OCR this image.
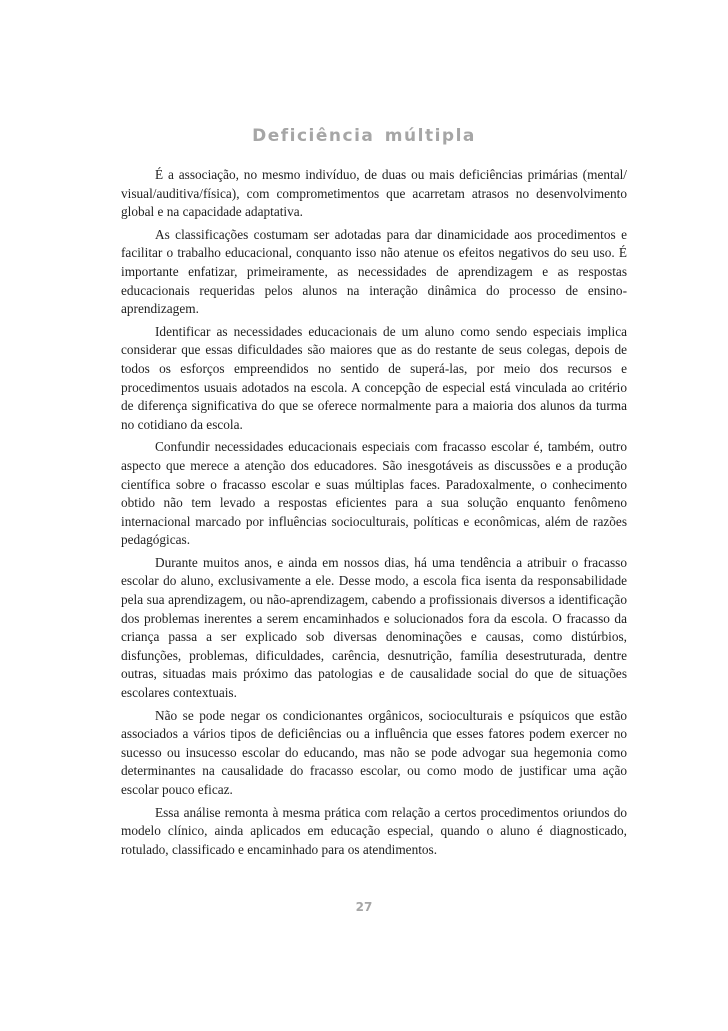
Deficiência múltipla

É a associação, no mesmo indivíduo, de duas ou mais deficiências primárias (mental/ visual/auditiva/física), com comprometimentos que acarretam atrasos no desenvolvimento global e na capacidade adaptativa.

As classificações costumam ser adotadas para dar dinamicidade aos procedimentos e facilitar o trabalho educacional, conquanto isso não atenue os efeitos negativos do seu uso. É importante enfatizar, primeiramente, as necessidades de aprendizagem e as respostas educacionais requeridas pelos alunos na interação dinâmica do processo de ensino-aprendizagem.

Identificar as necessidades educacionais de um aluno como sendo especiais implica considerar que essas dificuldades são maiores que as do restante de seus colegas, depois de todos os esforços empreendidos no sentido de superá-las, por meio dos recursos e procedimentos usuais adotados na escola. A concepção de especial está vinculada ao critério de diferença significativa do que se oferece normalmente para a maioria dos alunos da turma no cotidiano da escola.

Confundir necessidades educacionais especiais com fracasso escolar é, também, outro aspecto que merece a atenção dos educadores. São inesgotáveis as discussões e a produção científica sobre o fracasso escolar e suas múltiplas faces. Paradoxalmente, o conhecimento obtido não tem levado a respostas eficientes para a sua solução enquanto fenômeno internacional marcado por influências socioculturais, políticas e econômicas, além de razões pedagógicas.

Durante muitos anos, e ainda em nossos dias, há uma tendência a atribuir o fracasso escolar do aluno, exclusivamente a ele. Desse modo, a escola fica isenta da responsabilidade pela sua aprendizagem, ou não-aprendizagem, cabendo a profissionais diversos a identificação dos problemas inerentes a serem encaminhados e solucionados fora da escola. O fracasso da criança passa a ser explicado sob diversas denominações e causas, como distúrbios, disfunções, problemas, dificuldades, carência, desnutrição, família desestruturada, dentre outras, situadas mais próximo das patologias e de causalidade social do que de situações escolares contextuais.

Não se pode negar os condicionantes orgânicos, socioculturais e psíquicos que estão associados a vários tipos de deficiências ou a influência que esses fatores podem exercer no sucesso ou insucesso escolar do educando, mas não se pode advogar sua hegemonia como determinantes na causalidade do fracasso escolar, ou como modo de justificar uma ação escolar pouco eficaz.

Essa análise remonta à mesma prática com relação a certos procedimentos oriundos do modelo clínico, ainda aplicados em educação especial, quando o aluno é diagnosticado, rotulado, classificado e encaminhado para os atendimentos.

27
